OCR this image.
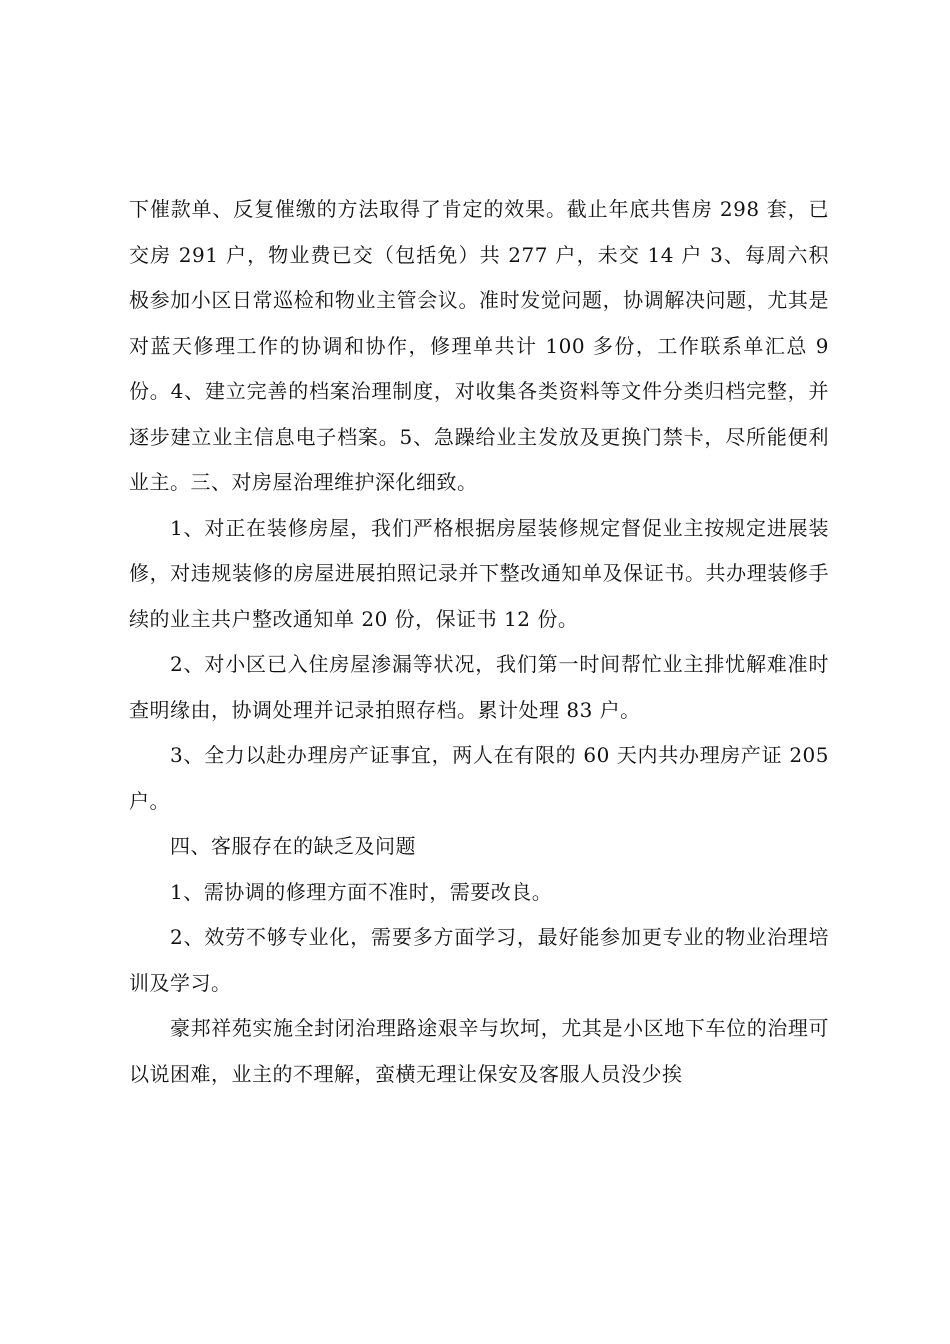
下催款单、反复催缴的方法取得了肯定的效果。截止年底共售房 298 套，已交房 291 户，物业费已交（包括免）共 277 户，未交 14 户 3、每周六积极参加小区日常巡检和物业主管会议。准时发觉问题，协调解决问题，尤其是对蓝天修理工作的协调和协作，修理单共计 100 多份，工作联系单汇总 9 份。4、建立完善的档案治理制度，对收集各类资料等文件分类归档完整，并逐步建立业主信息电子档案。5、急躁给业主发放及更换门禁卡，尽所能便利业主。三、对房屋治理维护深化细致。

1、对正在装修房屋，我们严格根据房屋装修规定督促业主按规定进展装修，对违规装修的房屋进展拍照记录并下整改通知单及保证书。共办理装修手续的业主共户整改通知单 20 份，保证书 12 份。

2、对小区已入住房屋渗漏等状况，我们第一时间帮忙业主排忧解难准时查明缘由，协调处理并记录拍照存档。累计处理 83 户。

3、全力以赴办理房产证事宜，两人在有限的 60 天内共办理房产证 205 户。

四、客服存在的缺乏及问题

1、需协调的修理方面不准时，需要改良。

2、效劳不够专业化，需要多方面学习，最好能参加更专业的物业治理培训及学习。

豪邦祥苑实施全封闭治理路途艰辛与坎坷，尤其是小区地下车位的治理可以说困难，业主的不理解，蛮横无理让保安及客服人员没少挨
